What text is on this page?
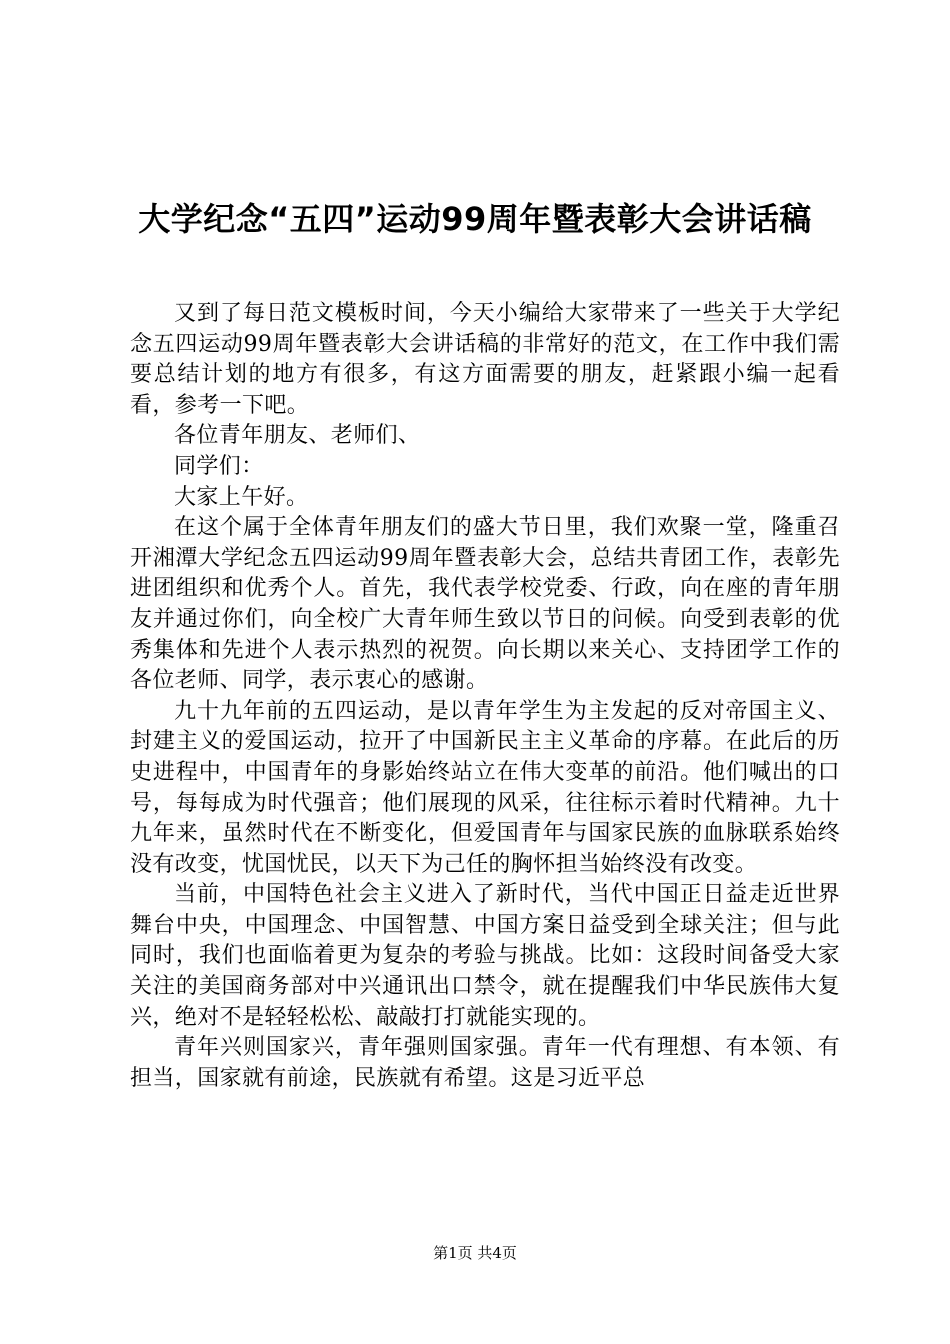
大学纪念“五四”运动99周年暨表彰大会讲话稿

又到了每日范文模板时间，今天小编给大家带来了一些关于大学纪念五四运动99周年暨表彰大会讲话稿的非常好的范文，在工作中我们需要总结计划的地方有很多，有这方面需要的朋友，赶紧跟小编一起看看，参考一下吧。

各位青年朋友、老师们、

同学们：

大家上午好。

在这个属于全体青年朋友们的盛大节日里，我们欢聚一堂，隆重召开湘潭大学纪念五四运动99周年暨表彰大会，总结共青团工作，表彰先进团组织和优秀个人。首先，我代表学校党委、行政，向在座的青年朋友并通过你们，向全校广大青年师生致以节日的问候。向受到表彰的优秀集体和先进个人表示热烈的祝贺。向长期以来关心、支持团学工作的各位老师、同学，表示衷心的感谢。

九十九年前的五四运动，是以青年学生为主发起的反对帝国主义、封建主义的爱国运动，拉开了中国新民主主义革命的序幕。在此后的历史进程中，中国青年的身影始终站立在伟大变革的前沿。他们喊出的口号，每每成为时代强音；他们展现的风采，往往标示着时代精神。九十九年来，虽然时代在不断变化，但爱国青年与国家民族的血脉联系始终没有改变，忧国忧民，以天下为己任的胸怀担当始终没有改变。

当前，中国特色社会主义进入了新时代，当代中国正日益走近世界舞台中央，中国理念、中国智慧、中国方案日益受到全球关注；但与此同时，我们也面临着更为复杂的考验与挑战。比如：这段时间备受大家关注的美国商务部对中兴通讯出口禁令，就在提醒我们中华民族伟大复兴，绝对不是轻轻松松、敲敲打打就能实现的。

青年兴则国家兴，青年强则国家强。青年一代有理想、有本领、有担当，国家就有前途，民族就有希望。这是习近平总

第1页 共4页
